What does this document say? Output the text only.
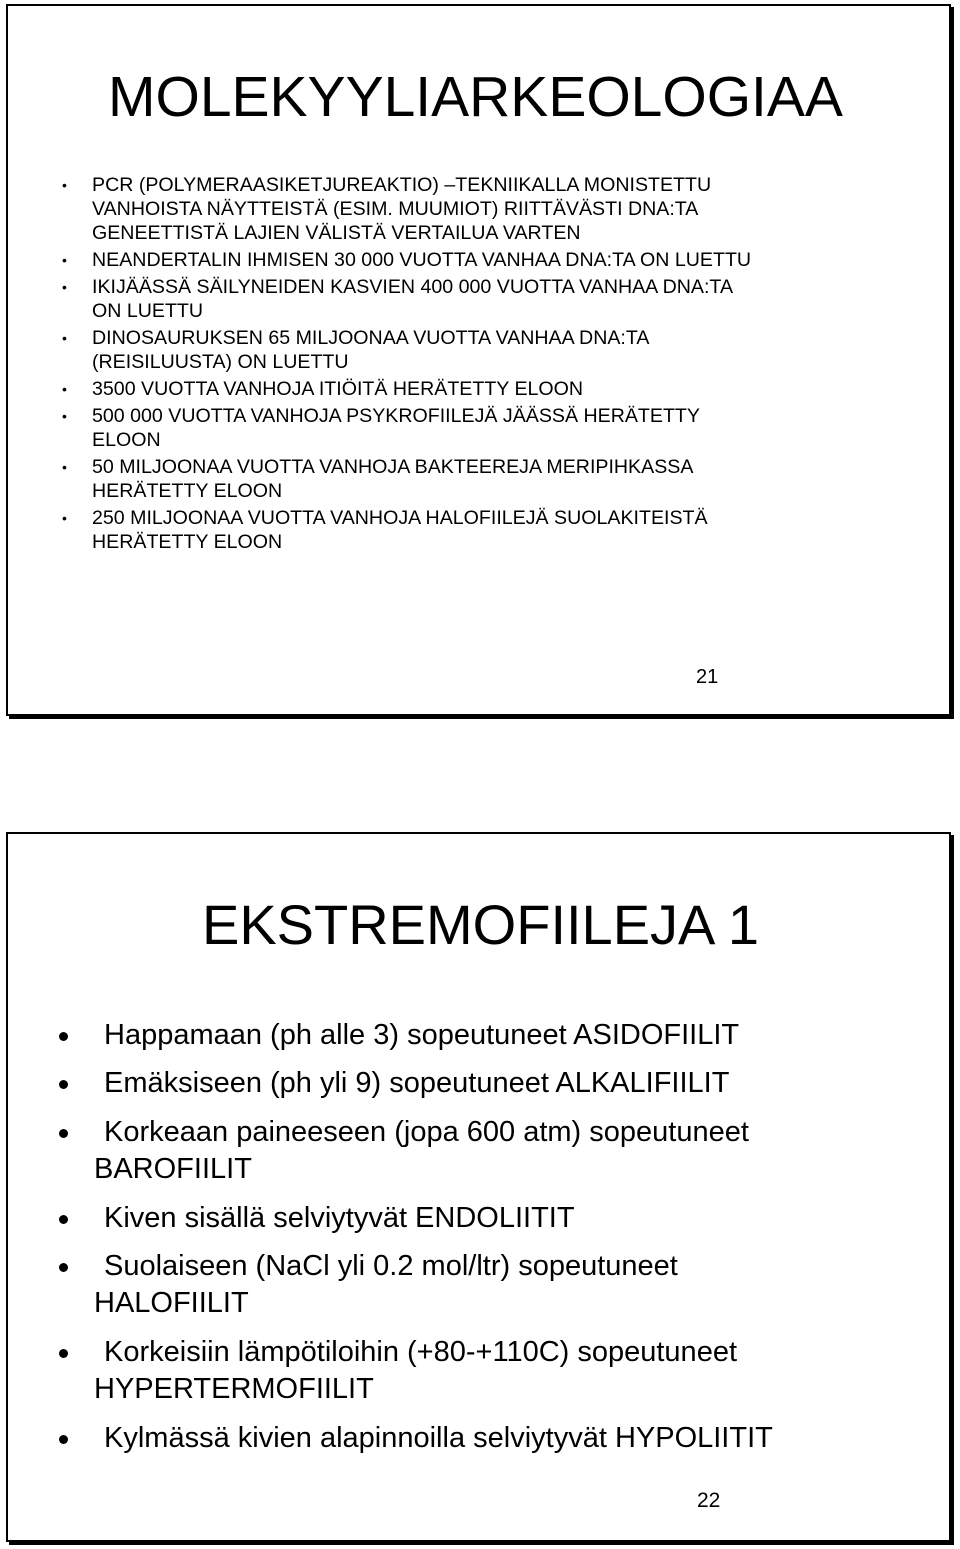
MOLEKYYLIARKEOLOGIAA
• PCR (POLYMERAASIKETJUREAKTIO) –TEKNIIKALLA MONISTETTU
VANHOISTA NÄYTTEISTÄ (ESIM. MUUMIOT) RIITTÄVÄSTI DNA:TA
GENEETTISTÄ LAJIEN VÄLISTÄ VERTAILUA VARTEN
• NEANDERTALIN IHMISEN 30 000 VUOTTA VANHAA DNA:TA ON LUETTU
• IKIJÄÄSSÄ SÄILYNEIDEN KASVIEN 400 000 VUOTTA VANHAA DNA:TA
ON LUETTU
• DINOSAURUKSEN 65 MILJOONAA VUOTTA VANHAA DNA:TA
(REISILUUSTA) ON LUETTU
• 3500 VUOTTA VANHOJA ITIÖITÄ HERÄTETTY ELOON
• 500 000 VUOTTA VANHOJA PSYKROFIILEJÄ JÄÄSSÄ HERÄTETTY
ELOON
• 50 MILJOONAA VUOTTA VANHOJA BAKTEEREJA MERIPIHKASSA
HERÄTETTY ELOON
• 250 MILJOONAA VUOTTA VANHOJA HALOFIILEJÄ SUOLAKITEISTÄ
HERÄTETTY ELOON
21
EKSTREMOFIILEJA 1
Happamaan (ph alle 3) sopeutuneet ASIDOFIILIT
Emäksiseen (ph yli 9) sopeutuneet ALKALIFIILIT
Korkeaan paineeseen (jopa 600 atm) sopeutuneet
BAROFIILIT
Kiven sisällä selviytyvät ENDOLIITIT
Suolaiseen (NaCl yli 0.2 mol/ltr) sopeutuneet
HALOFIILIT
Korkeisiin lämpötiloihin (+80-+110C) sopeutuneet
HYPERTERMOFIILIT
Kylmässä kivien alapinnoilla selviytyvät HYPOLIITIT
22
